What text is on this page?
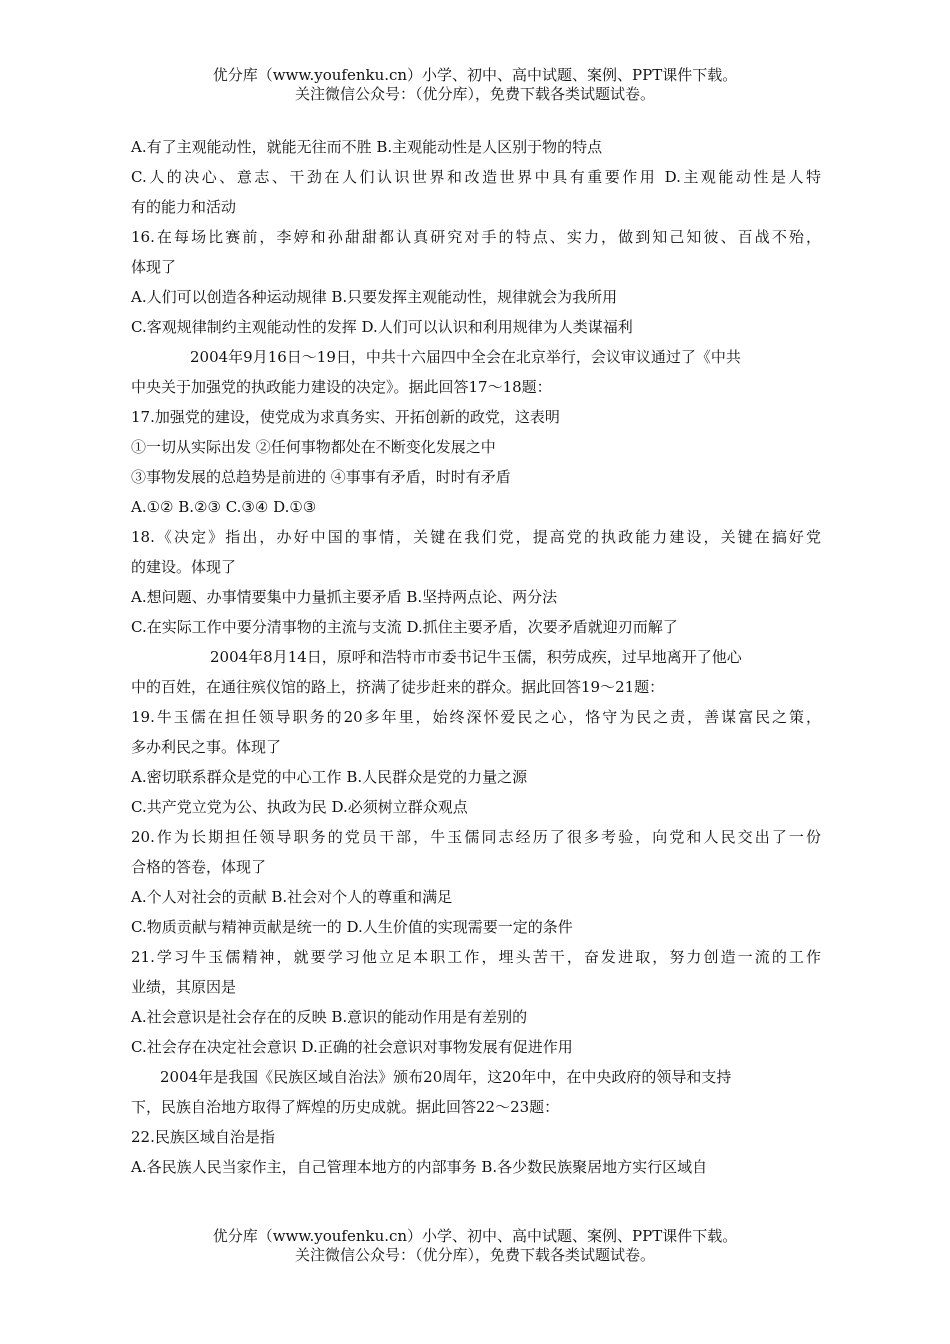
优分库（www.youfenku.cn）小学、初中、高中试题、案例、PPT课件下载。
关注微信公众号：（优分库），免费下载各类试题试卷。
A.有了主观能动性，就能无往而不胜 B.主观能动性是人区别于物的特点
C.人的决心、意志、干劲在人们认识世界和改造世界中具有重要作用 D.主观能动性是人特
有的能力和活动
16.在每场比赛前，李婷和孙甜甜都认真研究对手的特点、实力，做到知己知彼、百战不殆，
体现了
A.人们可以创造各种运动规律 B.只要发挥主观能动性，规律就会为我所用
C.客观规律制约主观能动性的发挥 D.人们可以认识和利用规律为人类谋福利
2004年9月16日～19日，中共十六届四中全会在北京举行，会议审议通过了《中共
中央关于加强党的执政能力建设的决定》。据此回答17～18题：
17.加强党的建设，使党成为求真务实、开拓创新的政党，这表明
①一切从实际出发 ②任何事物都处在不断变化发展之中
③事物发展的总趋势是前进的 ④事事有矛盾，时时有矛盾
A.①② B.②③ C.③④ D.①③
18.《决定》指出，办好中国的事情，关键在我们党，提高党的执政能力建设，关键在搞好党
的建设。体现了
A.想问题、办事情要集中力量抓主要矛盾 B.坚持两点论、两分法
C.在实际工作中要分清事物的主流与支流 D.抓住主要矛盾，次要矛盾就迎刃而解了
2004年8月14日，原呼和浩特市市委书记牛玉儒，积劳成疾，过早地离开了他心
中的百姓，在通往殡仪馆的路上，挤满了徒步赶来的群众。据此回答19～21题：
19.牛玉儒在担任领导职务的20多年里，始终深怀爱民之心，恪守为民之责，善谋富民之策，
多办利民之事。体现了
A.密切联系群众是党的中心工作 B.人民群众是党的力量之源
C.共产党立党为公、执政为民 D.必须树立群众观点
20.作为长期担任领导职务的党员干部，牛玉儒同志经历了很多考验，向党和人民交出了一份
合格的答卷，体现了
A.个人对社会的贡献 B.社会对个人的尊重和满足
C.物质贡献与精神贡献是统一的 D.人生价值的实现需要一定的条件
21.学习牛玉儒精神，就要学习他立足本职工作，埋头苦干，奋发进取，努力创造一流的工作
业绩，其原因是
A.社会意识是社会存在的反映 B.意识的能动作用是有差别的
C.社会存在决定社会意识 D.正确的社会意识对事物发展有促进作用
2004年是我国《民族区域自治法》颁布20周年，这20年中，在中央政府的领导和支持
下，民族自治地方取得了辉煌的历史成就。据此回答22～23题：
22.民族区域自治是指
A.各民族人民当家作主，自己管理本地方的内部事务 B.各少数民族聚居地方实行区域自
优分库（www.youfenku.cn）小学、初中、高中试题、案例、PPT课件下载。
关注微信公众号：（优分库），免费下载各类试题试卷。
